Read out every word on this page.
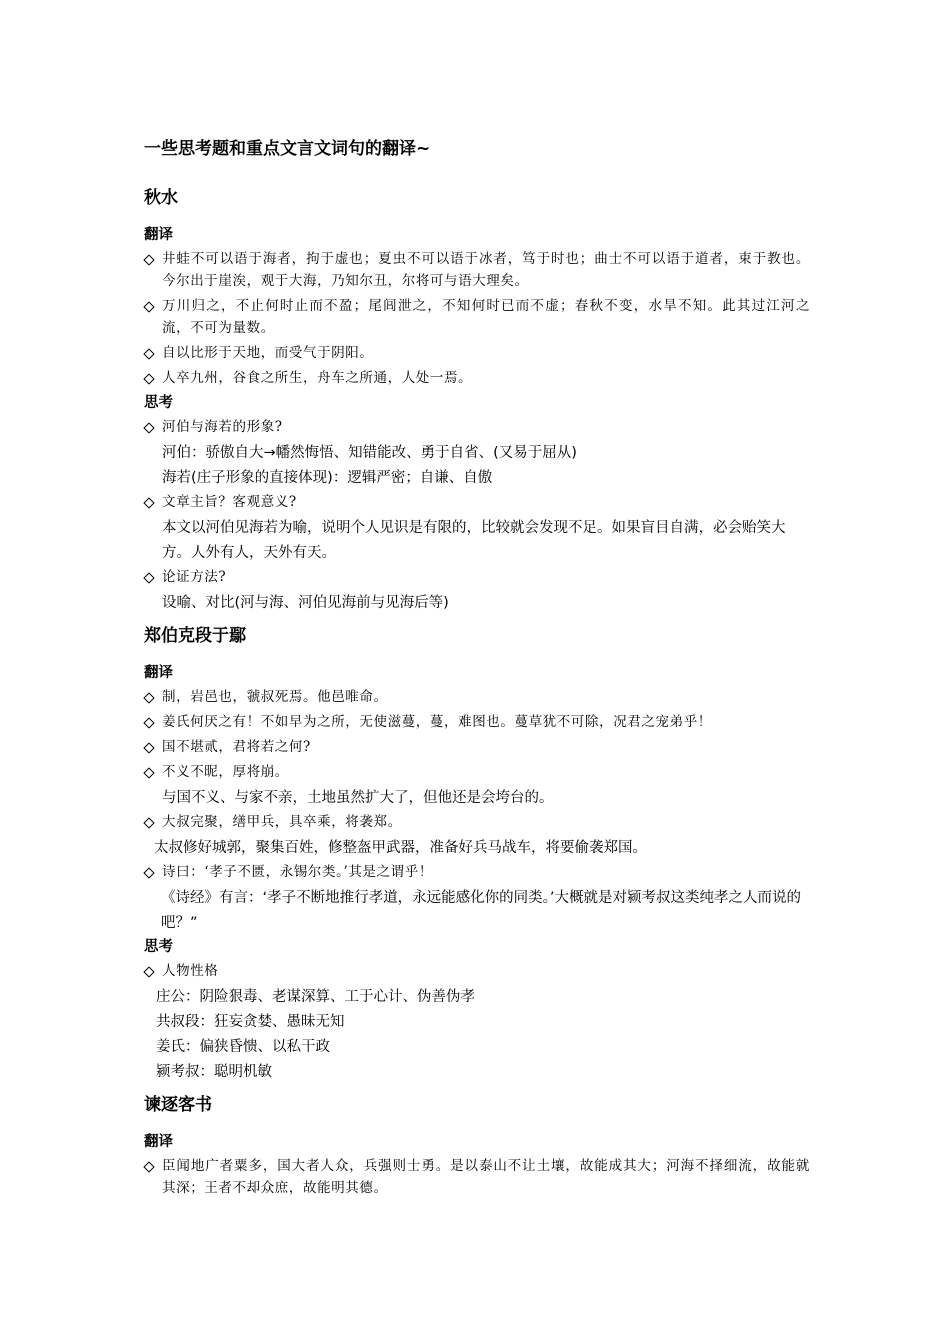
一些思考题和重点文言文词句的翻译~
秋水
翻译
井蛙不可以语于海者，拘于虚也；夏虫不可以语于冰者，笃于时也；曲士不可以语于道者，束于教也。今尔出于崖涘，观于大海，乃知尔丑，尔将可与语大理矣。
万川归之，不止何时止而不盈；尾闾泄之，不知何时已而不虚；春秋不变，水旱不知。此其过江河之流，不可为量数。
自以比形于天地，而受气于阴阳。
人卒九州，谷食之所生，舟车之所通，人处一焉。
思考
河伯与海若的形象?
河伯：骄傲自大→幡然悔悟、知错能改、勇于自省、(又易于屈从)
海若(庄子形象的直接体现)：逻辑严密；自谦、自傲
文章主旨？客观意义?
本文以河伯见海若为喻，说明个人见识是有限的，比较就会发现不足。如果盲目自满，必会贻笑大方。人外有人，天外有天。
论证方法?
设喻、对比(河与海、河伯见海前与见海后等)
郑伯克段于鄢
翻译
制，岩邑也，虢叔死焉。他邑唯命。
姜氏何厌之有！不如早为之所，无使滋蔓，蔓，难图也。蔓草犹不可除，况君之宠弟乎！
国不堪贰，君将若之何?
不义不昵，厚将崩。
与国不义、与家不亲，土地虽然扩大了，但他还是会垮台的。
大叔完聚，缮甲兵，具卒乘，将袭郑。
太叔修好城郭，聚集百姓，修整盔甲武器，准备好兵马战车，将要偷袭郑国。
诗曰：‘孝子不匮，永锡尔类。’其是之谓乎！
《诗经》有言：‘孝子不断地推行孝道，永远能感化你的同类。’大概就是对颍考叔这类纯孝之人而说的吧？”
思考
人物性格
庄公：阴险狠毒、老谋深算、工于心计、伪善伪孝
共叔段：狂妄贪婪、愚昧无知
姜氏：偏狭昏愦、以私干政
颍考叔：聪明机敏
谏逐客书
翻译
臣闻地广者粟多，国大者人众，兵强则士勇。是以泰山不让土壤，故能成其大；河海不择细流，故能就其深；王者不却众庶，故能明其德。
